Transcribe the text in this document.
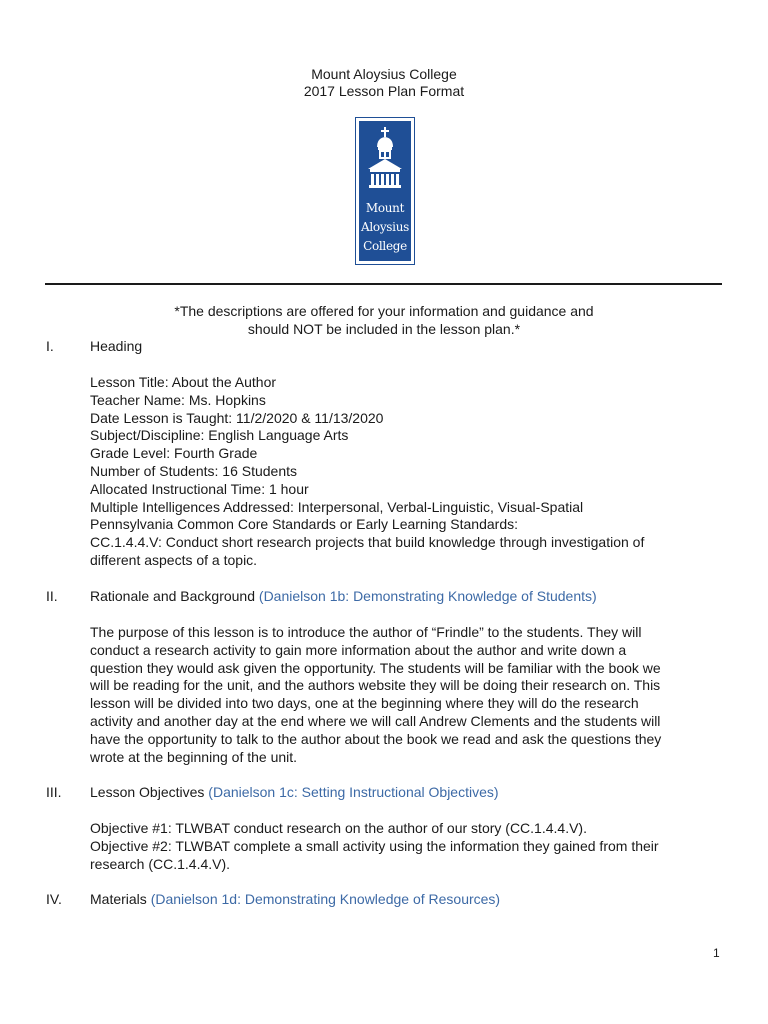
Mount Aloysius College
2017 Lesson Plan Format
Mount
Aloysius
College
*The descriptions are offered for your information and guidance and
should NOT be included in the lesson plan.*
I.	Heading
Lesson Title: About the Author
Teacher Name: Ms. Hopkins
Date Lesson is Taught: 11/2/2020 & 11/13/2020
Subject/Discipline: English Language Arts
Grade Level: Fourth Grade
Number of Students: 16 Students
Allocated Instructional Time: 1 hour
Multiple Intelligences Addressed: Interpersonal, Verbal-Linguistic, Visual-Spatial
Pennsylvania Common Core Standards or Early Learning Standards:
CC.1.4.4.V: Conduct short research projects that build knowledge through investigation of
different aspects of a topic.
II. Rationale and Background (Danielson 1b: Demonstrating Knowledge of Students)
The purpose of this lesson is to introduce the author of “Frindle” to the students. They will
conduct a research activity to gain more information about the author and write down a
question they would ask given the opportunity. The students will be familiar with the book we
will be reading for the unit, and the authors website they will be doing their research on. This
lesson will be divided into two days, one at the beginning where they will do the research
activity and another day at the end where we will call Andrew Clements and the students will
have the opportunity to talk to the author about the book we read and ask the questions they
wrote at the beginning of the unit.
III. Lesson Objectives (Danielson 1c: Setting Instructional Objectives)
Objective #1: TLWBAT conduct research on the author of our story (CC.1.4.4.V).
Objective #2: TLWBAT complete a small activity using the information they gained from their
research (CC.1.4.4.V).
IV. Materials (Danielson 1d: Demonstrating Knowledge of Resources)
1
